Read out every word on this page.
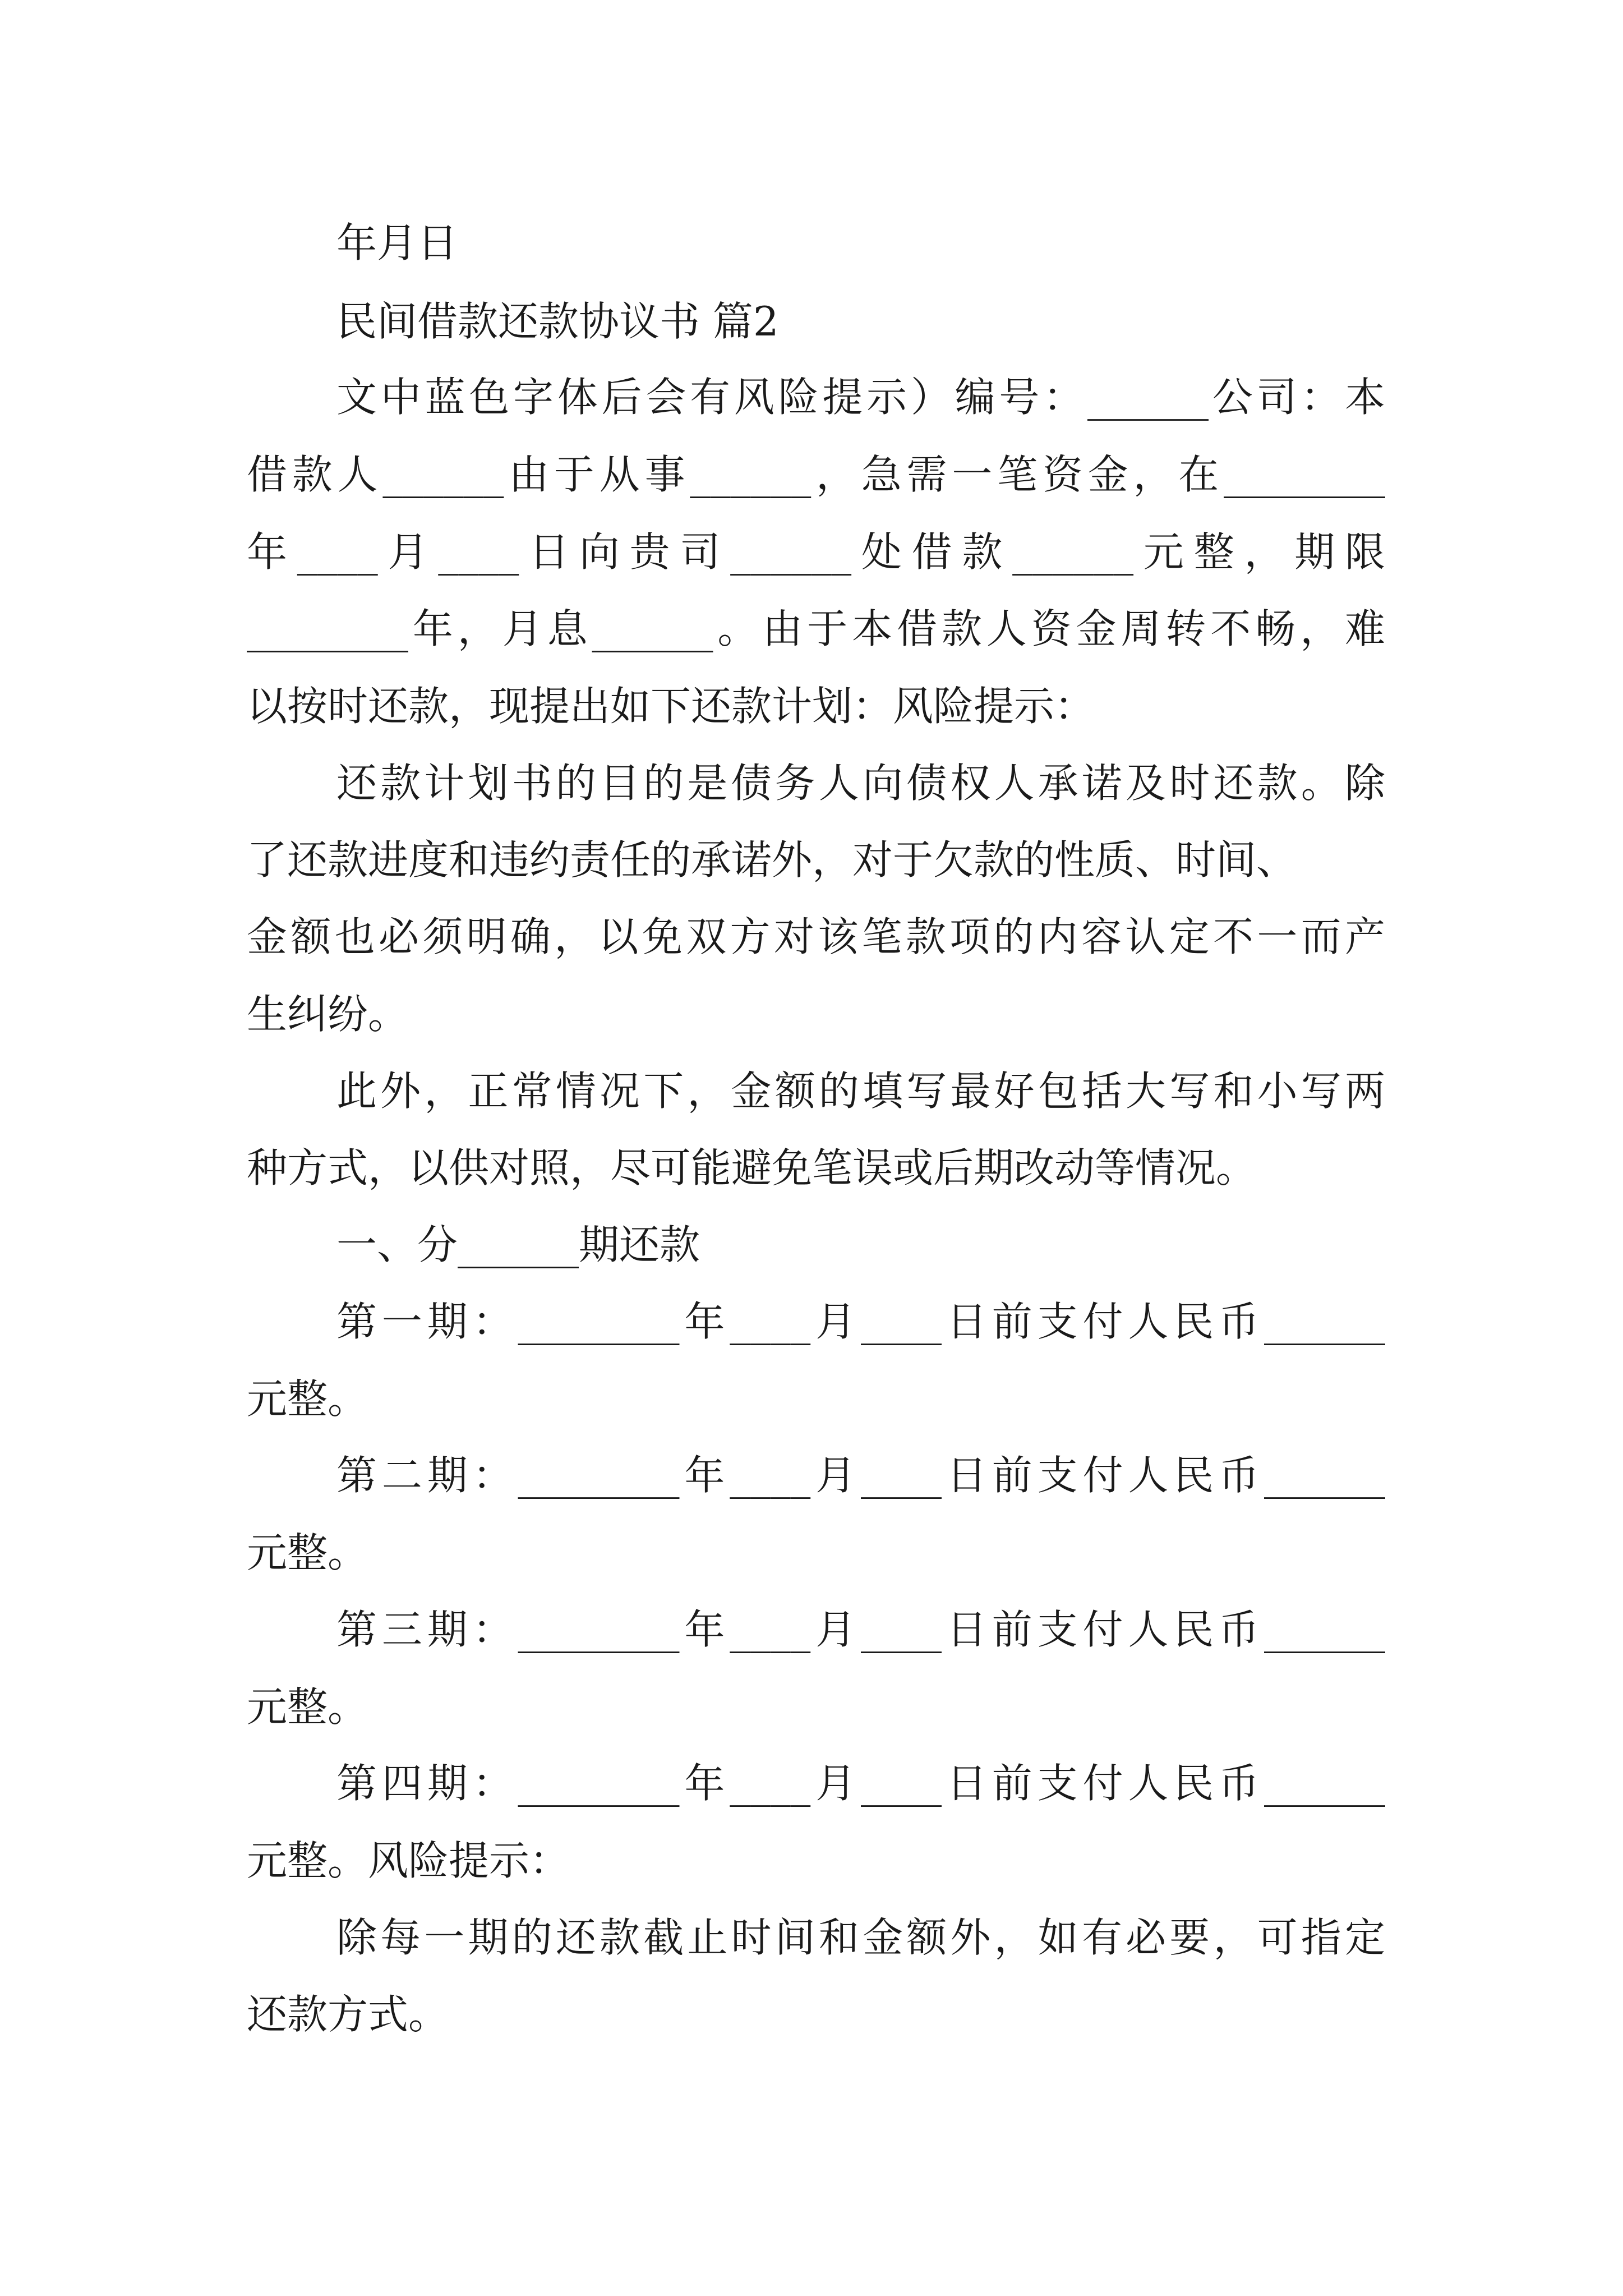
年月日

民间借款还款协议书 篇2

文中蓝色字体后会有风险提示）编号：______公司：本

借款人______由于从事______，急需一笔资金，在________

年____月____日向贵司______处借款______元整，期限

________年，月息______。由于本借款人资金周转不畅，难

以按时还款，现提出如下还款计划：风险提示：

还款计划书的目的是债务人向债权人承诺及时还款。除

了还款进度和违约责任的承诺外，对于欠款的性质、时间、

金额也必须明确，以免双方对该笔款项的内容认定不一而产

生纠纷。

此外，正常情况下，金额的填写最好包括大写和小写两

种方式，以供对照，尽可能避免笔误或后期改动等情况。

一、分______期还款

第一期：________年____月____日前支付人民币______

元整。

第二期：________年____月____日前支付人民币______

元整。

第三期：________年____月____日前支付人民币______

元整。

第四期：________年____月____日前支付人民币______

元整。风险提示：

除每一期的还款截止时间和金额外，如有必要，可指定

还款方式。
